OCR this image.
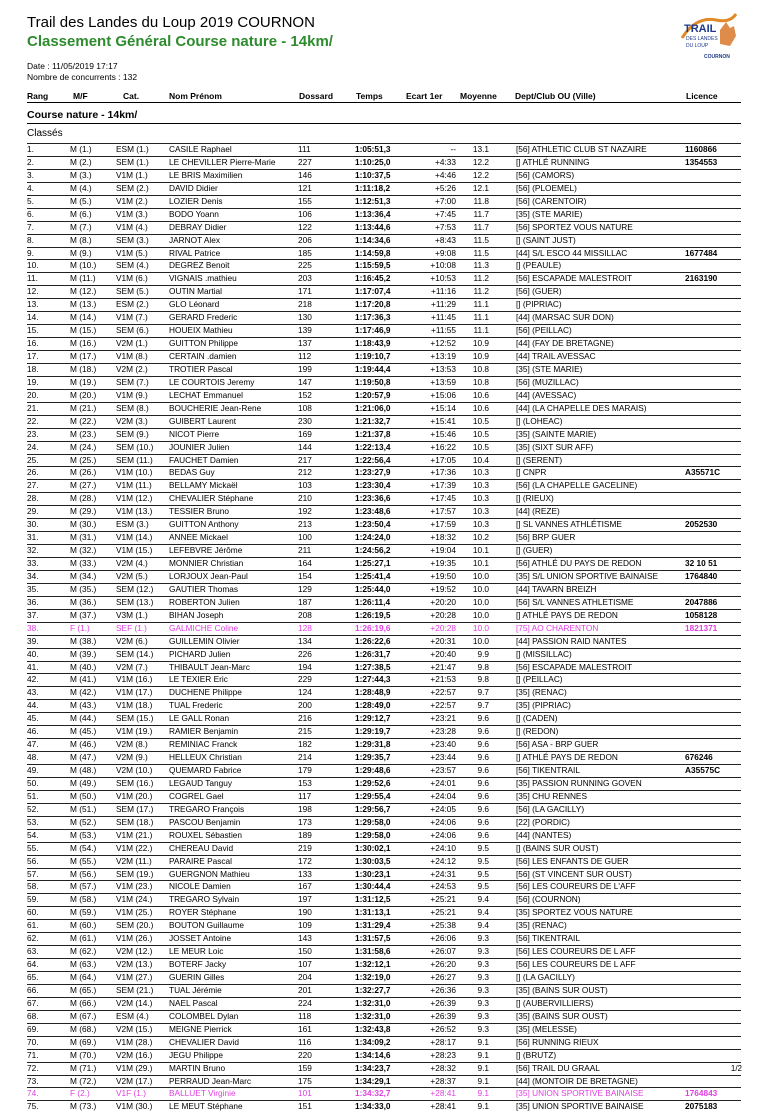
Trail des Landes du Loup 2019 COURNON
Classement Général Course nature - 14km/
TRAIL
DES LANDES
DU LOUP
COURNON
Date : 11/05/2019 17:17
Nombre de concurrents : 132
Rang	M/F	Cat.	Nom Prénom	Dossard	Temps	Ecart 1er Moyenne Dept/Club OU (Ville)	Licence
Course nature - 14km/
Classés
1.	M (1.)	ESM (1.) CASILE Raphael	111	1:05:51,3	--	13.1	[56] ATHLETIC CLUB ST NAZAIRE	1160866
2.	M (2.)	SEM (1.) LE CHEVILLER Pierre-Marie	227	1:10:25,0	+4:33	12.2	[] ATHLÉ RUNNING	1354553
3.	M (3.)	V1M (1.)	LE BRIS Maximilien	146	1:10:37,5	+4:46	12.2	[56] (CAMORS)
4.	M (4.)	SEM (2.) DAVID Didier	121	1:11:18,2	+5:26	12.1	[56] (PLOEMEL)
5.	M (5.)	V1M (2.)	LOZIER Denis	155	1:12:51,3	+7:00	11.8	[56] (CARENTOIR)
6.	M (6.)	V1M (3.)	BODO Yoann	106	1:13:36,4	+7:45	11.7	[35] (STE MARIE)
7.	M (7.)	V1M (4.)	DEBRAY Didier	122	1:13:44,6	+7:53	11.7	[56] SPORTEZ VOUS NATURE
8.	M (8.)	SEM (3.) JARNOT Alex	206	1:14:34,6	+8:43	11.5	[] (SAINT JUST)
9.	M (9.)	V1M (5.)	RIVAL Patrice	185	1:14:59,8	+9:08	11.5	[44] S/L ESCO 44 MISSILLAC	1677484
10.	M (10.) SEM (4.) DEGREZ Benoit	225	1:15:59,5	+10:08	11.3	[] (PEAULE)
11.	M (11.) V1M (6.)	VIGNAIS .mathieu	203	1:16:45,2	+10:53	11.2	[56] ESCAPADE MALESTROIT	2163190
12.	M (12.) SEM (5.) OUTIN Martial	171	1:17:07,4	+11:16	11.2	[56] (GUER)
13.	M (13.) ESM (2.) GLO Léonard	218	1:17:20,8	+11:29	11.1	[] (PIPRIAC)
14.	M (14.) V1M (7.)	GERARD Frederic	130	1:17:36,3	+11:45	11.1	[44] (MARSAC SUR DON)
15.	M (15.) SEM (6.) HOUEIX Mathieu	139	1:17:46,9	+11:55	11.1	[56] (PEILLAC)
16.	M (16.) V2M (1.)	GUITTON Philippe	137	1:18:43,9	+12:52	10.9	[44] (FAY DE BRETAGNE)
17.	M (17.) V1M (8.)	CERTAIN .damien	112	1:19:10,7	+13:19	10.9	[44] TRAIL AVESSAC
18.	M (18.) V2M (2.)	TROTIER Pascal	199	1:19:44,4	+13:53	10.8	[35] (STE MARIE)
19.	M (19.) SEM (7.) LE COURTOIS Jeremy	147	1:19:50,8	+13:59	10.8	[56] (MUZILLAC)
20.	M (20.) V1M (9.)	LECHAT Emmanuel	152	1:20:57,9	+15:06	10.6	[44] (AVESSAC)
21.	M (21.) SEM (8.) BOUCHERIE Jean-Rene	108	1:21:06,0	+15:14	10.6	[44] (LA CHAPELLE DES MARAIS)
22.	M (22.) V2M (3.)	GUIBERT Laurent	230	1:21:32,7	+15:41	10.5	[] (LOHEAC)
23.	M (23.) SEM (9.) NICOT Pierre	169	1:21:37,8	+15:46	10.5	[35] (SAINTE MARIE)
24.	M (24.) SEM (10.) JOUNIER Julien	144	1:22:13,4	+16:22	10.5	[35] (SIXT SUR AFF)
25.	M (25.) SEM (11.) FAUCHET Damien	217	1:22:56,4	+17:05	10.4	[] (SERENT)
26.	M (26.) V1M (10.) BEDAS Guy	212	1:23:27,9	+17:36	10.3	[] CNPR	A35571C
27.	M (27.) V1M (11.) BELLAMY Mickaël	103	1:23:30,4	+17:39	10.3	[56] (LA CHAPELLE GACELINE)
28.	M (28.) V1M (12.) CHEVALIER Stéphane	210	1:23:36,6	+17:45	10.3	[] (RIEUX)
29.	M (29.) V1M (13.) TESSIER Bruno	192	1:23:48,6	+17:57	10.3	[44] (REZE)
30.	M (30.) ESM (3.) GUITTON Anthony	213	1:23:50,4	+17:59	10.3	[] SL VANNES ATHLÉTISME	2052530
31.	M (31.) V1M (14.) ANNEE Mickael	100	1:24:24,0	+18:32	10.2	[56] BRP GUER
32.	M (32.) V1M (15.) LEFEBVRE Jérôme	211	1:24:56,2	+19:04	10.1	[] (GUER)
33.	M (33.) V2M (4.)	MONNIER Christian	164	1:25:27,1	+19:35	10.1	[56] ATHLÉ DU PAYS DE REDON	32 10 51
34.	M (34.) V2M (5.)	LORJOUX Jean-Paul	154	1:25:41,4	+19:50	10.0	[35] S/L UNION SPORTIVE BAINAISE	1764840
35.	M (35.) SEM (12.) GAUTIER Thomas	129	1:25:44,0	+19:52	10.0	[44] TAVARN BREIZH
36.	M (36.) SEM (13.) ROBERTON Julien	187	1:26:11,4	+20:20	10.0	[56] S/L VANNES ATHLETISME	2047886
37.	M (37.) V3M (1.)	BIHAN Joseph	208	1:26:19,5	+20:28	10.0	[] ATHLÉ PAYS DE REDON	1058128
38.	F (1.)	SEF (1.)	GALMICHE Coline	128	1:26:19,6	+20:28	10.0	[75] AO CHARENTON	1821371
39.	M (38.) V2M (6.)	GUILLEMIN Olivier	134	1:26:22,6	+20:31	10.0	[44] PASSION RAID NANTES
40.	M (39.) SEM (14.) PICHARD Julien	226	1:26:31,7	+20:40	9.9	[] (MISSILLAC)
41.	M (40.) V2M (7.)	THIBAULT Jean-Marc	194	1:27:38,5	+21:47	9.8	[56] ESCAPADE MALESTROIT
42.	M (41.) V1M (16.) LE TEXIER Eric	229	1:27:44,3	+21:53	9.8	[] (PEILLAC)
43.	M (42.) V1M (17.) DUCHENE Philippe	124	1:28:48,9	+22:57	9.7	[35] (RENAC)
44.	M (43.) V1M (18.) TUAL Frederic	200	1:28:49,0	+22:57	9.7	[35] (PIPRIAC)
45.	M (44.) SEM (15.) LE GALL Ronan	216	1:29:12,7	+23:21	9.6	[] (CADEN)
46.	M (45.) V1M (19.) RAMIER Benjamin	215	1:29:19,7	+23:28	9.6	[] (REDON)
47.	M (46.) V2M (8.)	REMINIAC Franck	182	1:29:31,8	+23:40	9.6	[56] ASA - BRP GUER
48.	M (47.) V2M (9.)	HELLEUX Christian	214	1:29:35,7	+23:44	9.6	[] ATHLÉ PAYS DE REDON	676246
49.	M (48.) V2M (10.) QUEMARD Fabrice	179	1:29:48,6	+23:57	9.6	[56] TIKENTRAIL	A35575C
50.	M (49.) SEM (16.) LEGAUD Tanguy	153	1:29:52,6	+24:01	9.6	[35] PASSION RUNNING GOVEN
51.	M (50.) V1M (20.) COGREL Gael	117	1:29:55,4	+24:04	9.6	[35] CHU RENNES
52.	M (51.) SEM (17.) TREGARO François	198	1:29:56,7	+24:05	9.6	[56] (LA GACILLY)
53.	M (52.) SEM (18.) PASCOU Benjamin	173	1:29:58,0	+24:06	9.6	[22] (PORDIC)
54.	M (53.) V1M (21.) ROUXEL Sébastien	189	1:29:58,0	+24:06	9.6	[44] (NANTES)
55.	M (54.) V1M (22.) CHEREAU David	219	1:30:02,1	+24:10	9.5	[] (BAINS SUR OUST)
56.	M (55.) V2M (11.) PARAIRE Pascal	172	1:30:03,5	+24:12	9.5	[56] LES ENFANTS DE GUER
57.	M (56.) SEM (19.) GUERGNON Mathieu	133	1:30:23,1	+24:31	9.5	[56] (ST VINCENT SUR OUST)
58.	M (57.) V1M (23.) NICOLE Damien	167	1:30:44,4	+24:53	9.5	[56] LES COUREURS DE L'AFF
59.	M (58.) V1M (24.) TREGARO Sylvain	197	1:31:12,5	+25:21	9.4	[56] (COURNON)
60.	M (59.) V1M (25.) ROYER Stéphane	190	1:31:13,1	+25:21	9.4	[35] SPORTEZ VOUS NATURE
61.	M (60.) SEM (20.) BOUTON Guillaume	109	1:31:29,4	+25:38	9.4	[35] (RENAC)
62.	M (61.) V1M (26.) JOSSET Antoine	143	1:31:57,5	+26:06	9.3	[56] TIKENTRAIL
63.	M (62.) V2M (12.) LE MEUR Loic	150	1:31:58,6	+26:07	9.3	[56] LES COUREURS DE L AFF
64.	M (63.) V2M (13.) BOTERF Jacky	107	1:32:12,1	+26:20	9.3	[56] LES COUREURS DE L AFF
65.	M (64.) V1M (27.) GUERIN Gilles	204	1:32:19,0	+26:27	9.3	[] (LA GACILLY)
66.	M (65.) SEM (21.) TUAL Jérémie	201	1:32:27,7	+26:36	9.3	[35] (BAINS SUR OUST)
67.	M (66.) V2M (14.) NAEL Pascal	224	1:32:31,0	+26:39	9.3	[] (AUBERVILLIERS)
68.	M (67.) ESM (4.) COLOMBEL Dylan	118	1:32:31,0	+26:39	9.3	[35] (BAINS SUR OUST)
69.	M (68.) V2M (15.) MEIGNE Pierrick	161	1:32:43,8	+26:52	9.3	[35] (MELESSE)
70.	M (69.) V1M (28.) CHEVALIER David	116	1:34:09,2	+28:17	9.1	[56] RUNNING RIEUX
71.	M (70.) V2M (16.) JEGU Philippe	220	1:34:14,6	+28:23	9.1	[] (BRUTZ)
72.	M (71.) V1M (29.) MARTIN Bruno	159	1:34:23,7	+28:32	9.1	[56] TRAIL DU GRAAL
73.	M (72.) V2M (17.) PERRAUD Jean-Marc	175	1:34:29,1	+28:37	9.1	[44] (MONTOIR DE BRETAGNE)
74.	F (2.)	V1F (1.)	BALLUET Virginie	101	1:34:32,7	+28:41	9.1	[35] UNION SPORTIVE BAINAISE	1764843
75.	M (73.) V1M (30.) LE MEUT Stéphane	151	1:34:33,0	+28:41	9.1	[35] UNION SPORTIVE BAINAISE	2075183
1/2
